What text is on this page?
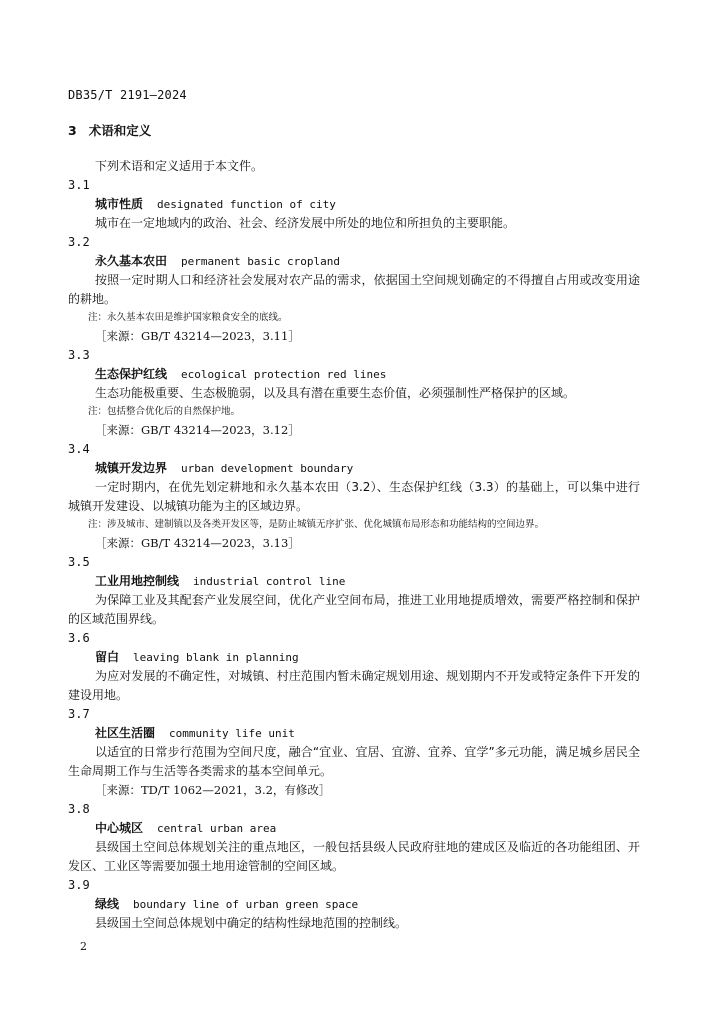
DB35/T 2191—2024
3 术语和定义
下列术语和定义适用于本文件。
3.1
城市性质 designated function of city
城市在一定地域内的政治、社会、经济发展中所处的地位和所担负的主要职能。
3.2
永久基本农田 permanent basic cropland
按照一定时期人口和经济社会发展对农产品的需求，依据国土空间规划确定的不得擅自占用或改变用途的耕地。
注：永久基本农田是维护国家粮食安全的底线。
［来源：GB/T 43214—2023，3.11］
3.3
生态保护红线 ecological protection red lines
生态功能极重要、生态极脆弱，以及具有潜在重要生态价值，必须强制性严格保护的区域。
注：包括整合优化后的自然保护地。
［来源：GB/T 43214—2023，3.12］
3.4
城镇开发边界 urban development boundary
一定时期内，在优先划定耕地和永久基本农田（3.2）、生态保护红线（3.3）的基础上，可以集中进行城镇开发建设、以城镇功能为主的区域边界。
注：涉及城市、建制镇以及各类开发区等，是防止城镇无序扩张、优化城镇布局形态和功能结构的空间边界。
［来源：GB/T 43214—2023，3.13］
3.5
工业用地控制线 industrial control line
为保障工业及其配套产业发展空间，优化产业空间布局，推进工业用地提质增效，需要严格控制和保护的区域范围界线。
3.6
留白 leaving blank in planning
为应对发展的不确定性，对城镇、村庄范围内暂未确定规划用途、规划期内不开发或特定条件下开发的建设用地。
3.7
社区生活圈 community life unit
以适宜的日常步行范围为空间尺度，融合“宜业、宜居、宜游、宜养、宜学”多元功能，满足城乡居民全生命周期工作与生活等各类需求的基本空间单元。
［来源：TD/T 1062—2021，3.2，有修改］
3.8
中心城区 central urban area
县级国土空间总体规划关注的重点地区，一般包括县级人民政府驻地的建成区及临近的各功能组团、开发区、工业区等需要加强土地用途管制的空间区域。
3.9
绿线 boundary line of urban green space
县级国土空间总体规划中确定的结构性绿地范围的控制线。
2
